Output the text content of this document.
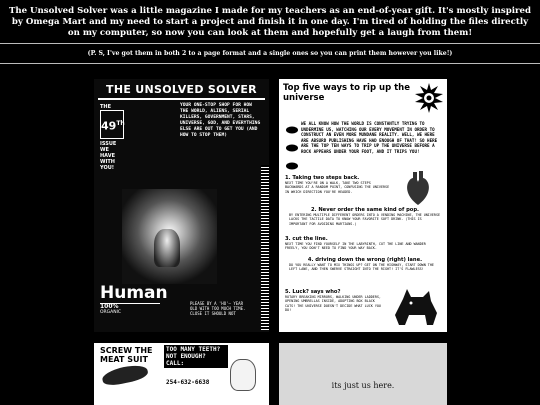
The Unsolved Solver was a little magazine I made for my teachers as an end-of-year gift. It's mostly inspired by Omega Mart and my need to start a project and finish it in one day. I'm tired of holding the files directly on my computer, so now you can look at them and hopefully get a laugh from them!
(P. S, I've got them in both 2 to a page format and a single ones so you can print them however you like!)
THE UNSOLVED SOLVER
THE
49Th
ISSUE WE HAVE WITH YOU!
YOUR ONE-STOP SHOP FOR HOW THE WORLD, ALIENS, SERIAL KILLERS, GOVERNMENT, STARS, UNIVERSE, GOD, AND EVERYTHING ELSE ARE OUT TO GET YOU (AND HOW TO STOP THEM)
Human
100%
ORGANIC
PLEASE BY A 'HO'— YEAR OLD WITH TOO MUCH TIME. CLOSE IT SHOULD NOT
Top five ways to rip up the universe
WE ALL KNOW HOW THE WORLD IS CONSTANTLY TRYING TO UNDERMINE US, WATCHING OUR EVERY MOVEMENT IN ORDER TO CONSTRUCT AN EVEN MORE MUNDANE REALITY. WELL, WE HERE ARE ABSURD PUBLISHING HAVE HAD ENOUGH OF THAT! SO HERE ARE THE TOP TEN WAYS TO TRIP UP THE UNIVERSE BEFORE A ROCK APPEARS UNDER YOUR FOOT, AND IT TRIPS YOU!
1. Taking two steps back.
NEXT TIME YOU'RE ON A WALK, TAKE TWO STEPS BACKWARDS AT A RANDOM POINT, CONFUSING THE UNIVERSE IN WHICH DIRECTION YOU'RE HEADED.
2. Never order the same kind of pop.
BY ENTERING MULTIPLE DIFFERENT ORDERS INTO A VENDING MACHINE, THE UNIVERSE LACKS THE TACTILE DATA TO KNOW YOUR FAVORITE SOFT DRINK. (THIS IS IMPORTANT FOR AVOIDING MARTIANS.)
3. cut the line.
NEXT TIME YOU FIND YOURSELF IN THE LABYRINTH, CUT THE LINE AND WANDER FREELY, YOU DON'T NEED TO FIND YOUR WAY BACK.
4. driving down the wrong (right) lane.
DO YOU REALLY WANT TO MIX THINGS UP? GET ON THE HIGHWAY, START DOWN THE LEFT LANE, AND THEN SWERVE STRAIGHT INTO THE RIGHT! IT'S FLAWLESS!
5. Luck? says who?
ROTARY BREAKING MIRRORS, WALKING UNDER LADDERS, OPENING UMBRELLAS INSIDE, ADOPTING BOX BLACK CATS! THE UNIVERSE DOESN'T DECIDE WHAT LUCK YOU DO!
SCREW THE
MEAT SUIT
TOO MANY TEETH?
NOT ENOUGH?
CALL:
254-632-6638	its just us here.
